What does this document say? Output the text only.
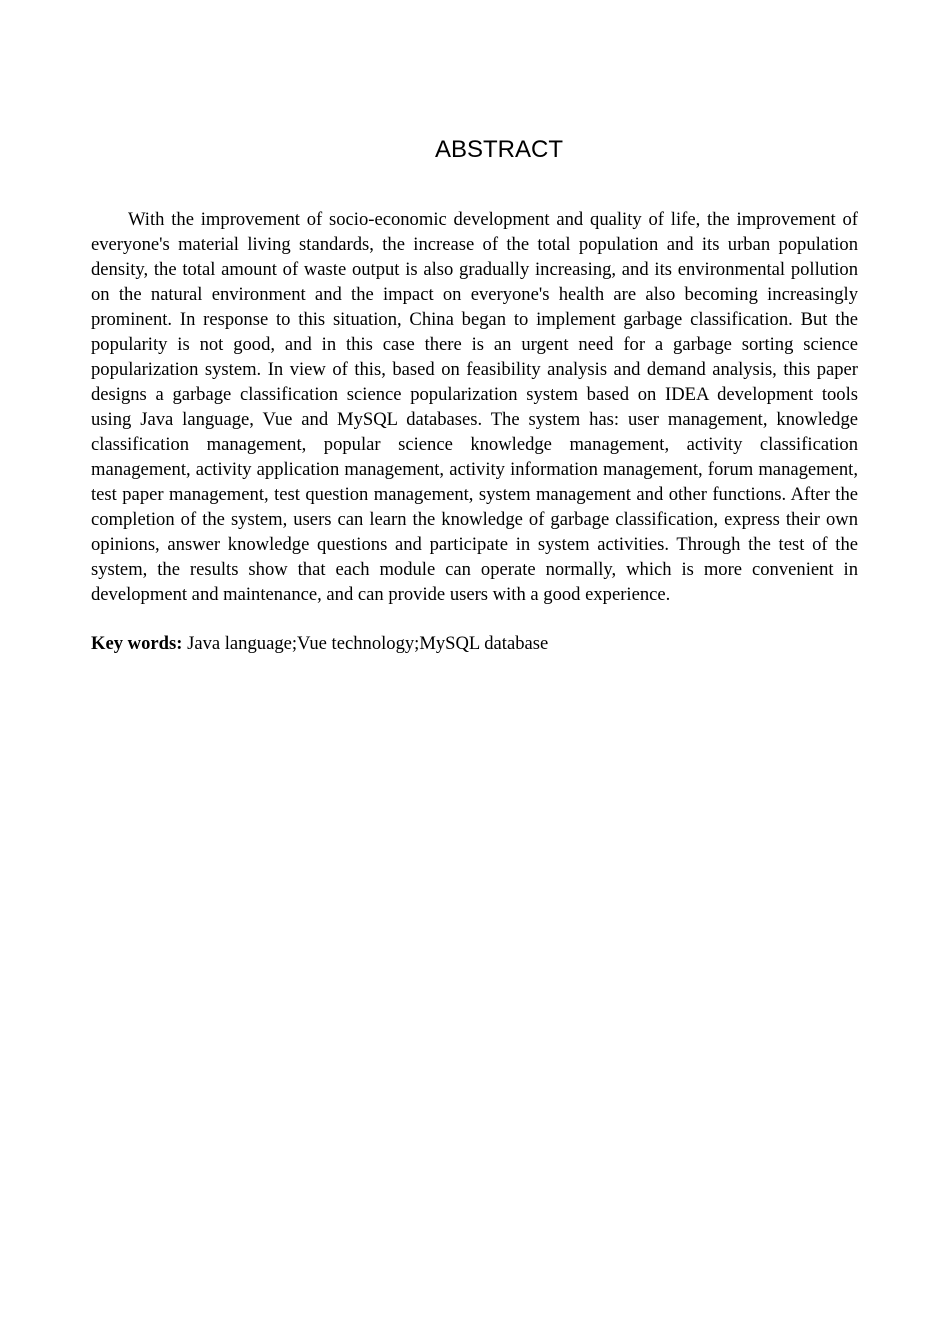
ABSTRACT

With the improvement of socio-economic development and quality of life, the improvement of everyone's material living standards, the increase of the total population and its urban population density, the total amount of waste output is also gradually increasing, and its environmental pollution on the natural environment and the impact on everyone's health are also becoming increasingly prominent. In response to this situation, China began to implement garbage classification. But the popularity is not good, and in this case there is an urgent need for a garbage sorting science popularization system. In view of this, based on feasibility analysis and demand analysis, this paper designs a garbage classification science popularization system based on IDEA development tools using Java language, Vue and MySQL databases. The system has: user management, knowledge classification management, popular science knowledge management, activity classification management, activity application management, activity information management, forum management, test paper management, test question management, system management and other functions. After the completion of the system, users can learn the knowledge of garbage classification, express their own opinions, answer knowledge questions and participate in system activities. Through the test of the system, the results show that each module can operate normally, which is more convenient in development and maintenance, and can provide users with a good experience.

Key words: Java language;Vue technology;MySQL database
